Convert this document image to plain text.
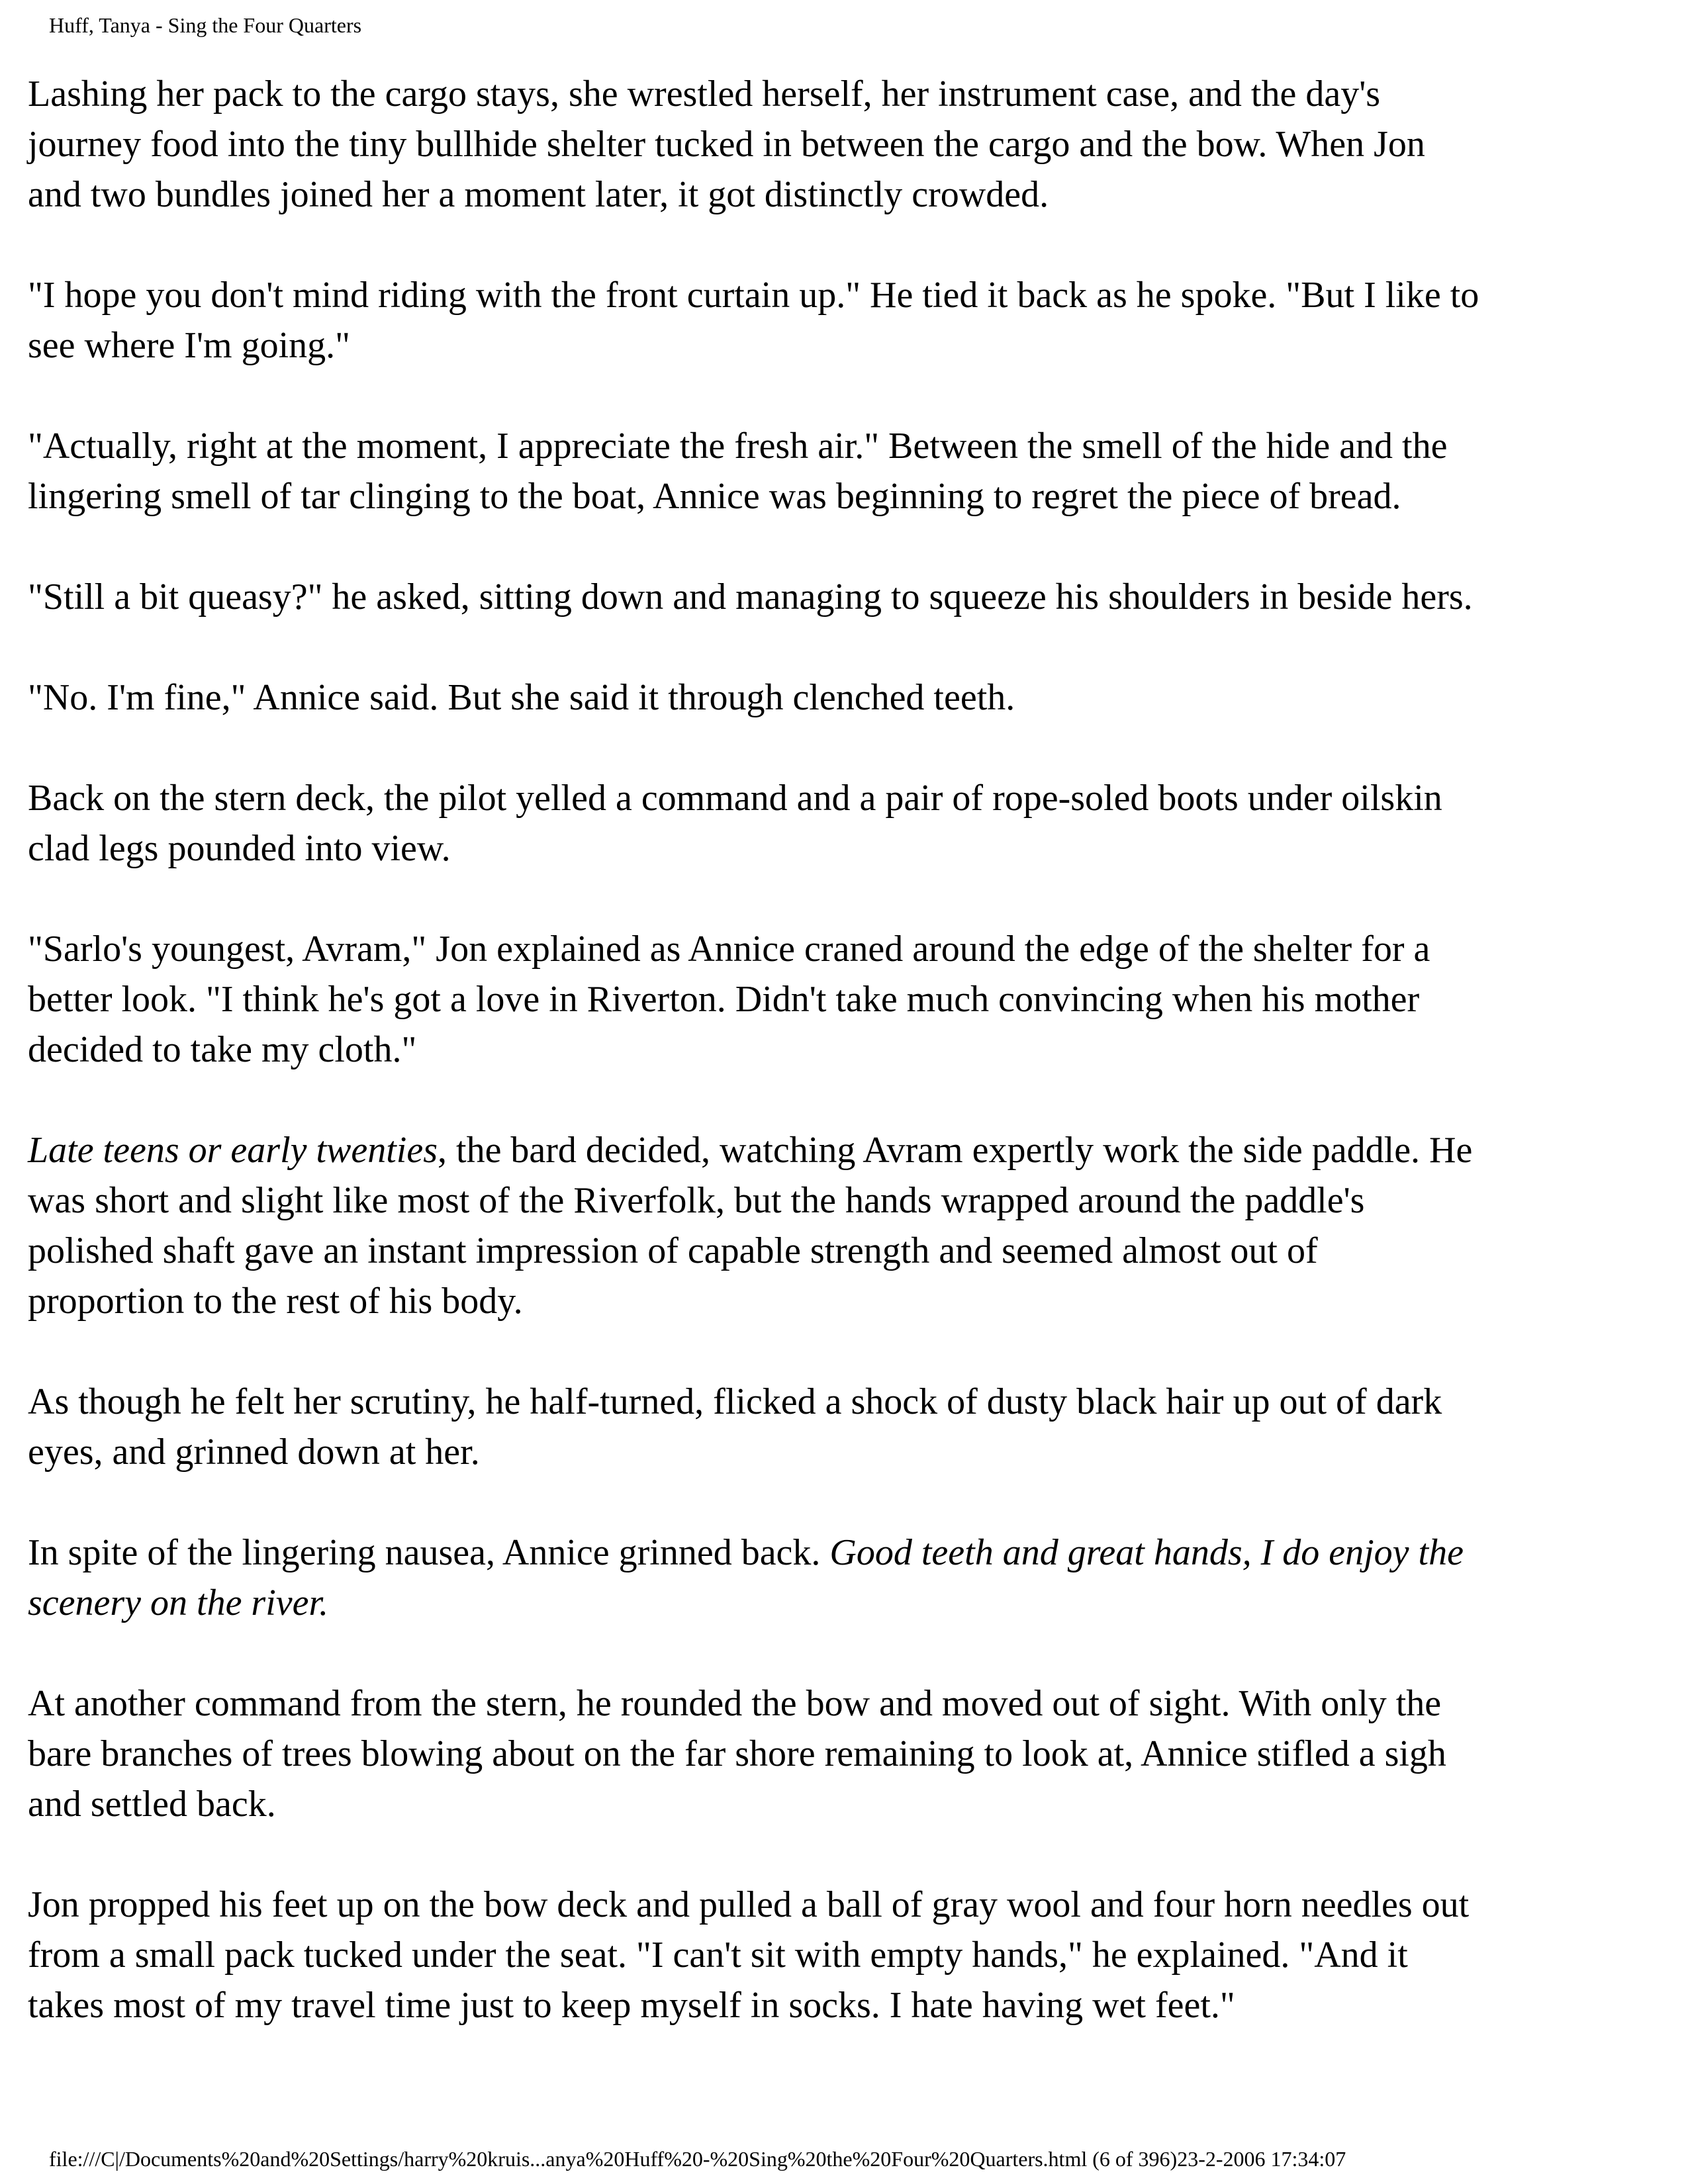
Huff, Tanya - Sing the Four Quarters

Lashing her pack to the cargo stays, she wrestled herself, her instrument case, and the day's
journey food into the tiny bullhide shelter tucked in between the cargo and the bow. When Jon
and two bundles joined her a moment later, it got distinctly crowded.

"I hope you don't mind riding with the front curtain up." He tied it back as he spoke. "But I like to
see where I'm going."

"Actually, right at the moment, I appreciate the fresh air." Between the smell of the hide and the
lingering smell of tar clinging to the boat, Annice was beginning to regret the piece of bread.

"Still a bit queasy?" he asked, sitting down and managing to squeeze his shoulders in beside hers.

"No. I'm fine," Annice said. But she said it through clenched teeth.

Back on the stern deck, the pilot yelled a command and a pair of rope-soled boots under oilskin
clad legs pounded into view.

"Sarlo's youngest, Avram," Jon explained as Annice craned around the edge of the shelter for a
better look. "I think he's got a love in Riverton. Didn't take much convincing when his mother
decided to take my cloth."

Late teens or early twenties, the bard decided, watching Avram expertly work the side paddle. He
was short and slight like most of the Riverfolk, but the hands wrapped around the paddle's
polished shaft gave an instant impression of capable strength and seemed almost out of
proportion to the rest of his body.

As though he felt her scrutiny, he half-turned, flicked a shock of dusty black hair up out of dark
eyes, and grinned down at her.

In spite of the lingering nausea, Annice grinned back. Good teeth and great hands, I do enjoy the
scenery on the river.

At another command from the stern, he rounded the bow and moved out of sight. With only the
bare branches of trees blowing about on the far shore remaining to look at, Annice stifled a sigh
and settled back.

Jon propped his feet up on the bow deck and pulled a ball of gray wool and four horn needles out
from a small pack tucked under the seat. "I can't sit with empty hands," he explained. "And it
takes most of my travel time just to keep myself in socks. I hate having wet feet."

file:///C|/Documents%20and%20Settings/harry%20kruis...anya%20Huff%20-%20Sing%20the%20Four%20Quarters.html (6 of 396)23-2-2006 17:34:07
